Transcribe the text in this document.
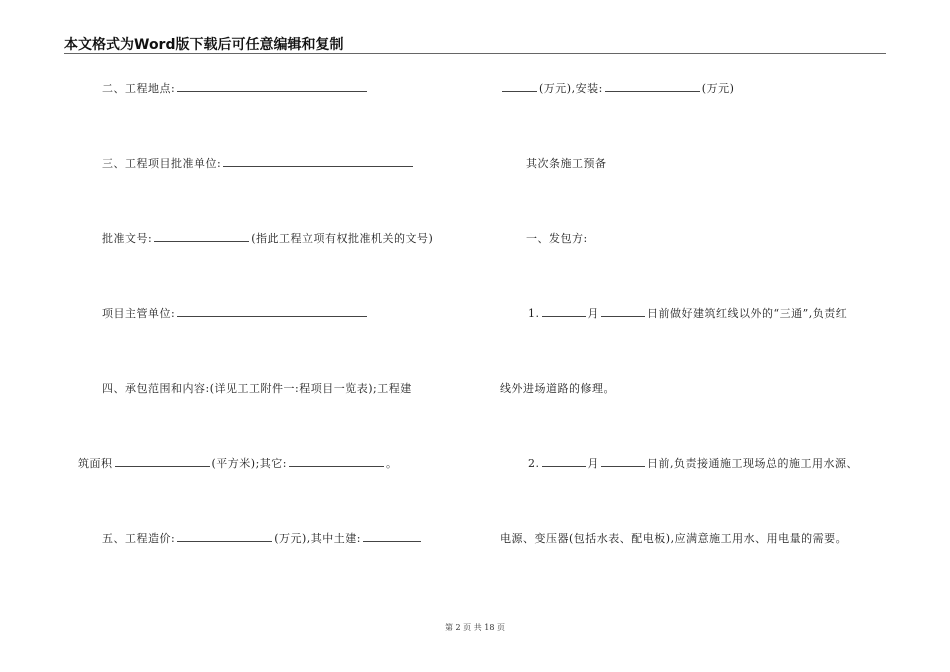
本文格式为Word版下载后可任意编辑和复制
二、工程地点:
三、工程项目批准单位:
批准文号:	(指此工程立项有权批准机关的文号)
项目主管单位:
四、承包范围和内容:(详见工工附件一:程项目一览表);工程建
筑面积	(平方米);其它:	。
五、工程造价:	(万元),其中土建:
(万元),安装:	(万元)
其次条施工预备
一、发包方:
1.	月	日前做好建筑红线以外的“三通”,负责红
线外进场道路的修理。
2.	月	日前,负责接通施工现场总的施工用水源、
电源、变压器(包括水表、配电板),应满意施工用水、用电量的需要。
第 2 页 共 18 页
